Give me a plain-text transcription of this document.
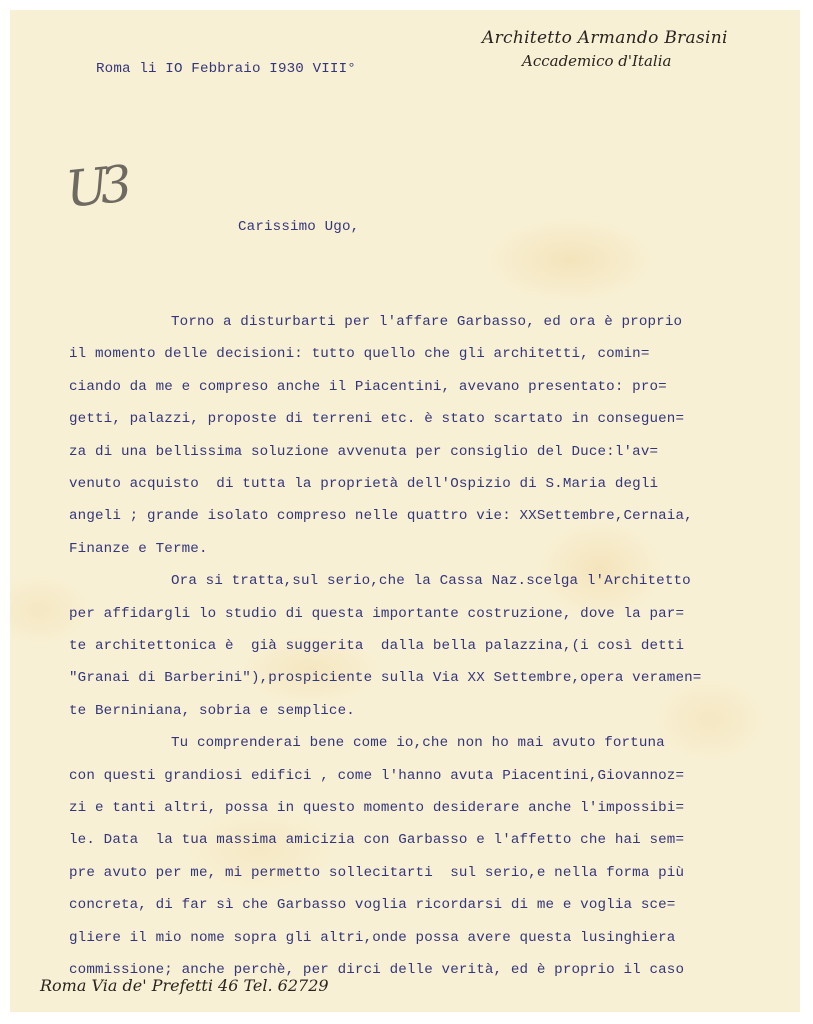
Architetto Armando Brasini
Accademico d'Italia
Roma li IO Febbraio I930 VIII°
U3
Carissimo Ugo,
Torno a disturbarti per l'affare Garbasso, ed ora è proprio
il momento delle decisioni: tutto quello che gli architetti, comin=
ciando da me e compreso anche il Piacentini, avevano presentato: pro=
getti, palazzi, proposte di terreni etc. è stato scartato in conseguen=
za di una bellissima soluzione avvenuta per consiglio del Duce:l'av=
venuto acquisto  di tutta la proprietà dell'Ospizio di S.Maria degli
angeli ; grande isolato compreso nelle quattro vie: XXSettembre,Cernaia,
Finanze e Terme.
Ora si tratta,sul serio,che la Cassa Naz.scelga l'Architetto
per affidargli lo studio di questa importante costruzione, dove la par=
te architettonica è  già suggerita  dalla bella palazzina,(i così detti
"Granai di Barberini"),prospiciente sulla Via XX Settembre,opera veramen=
te Berniniana, sobria e semplice.
Tu comprenderai bene come io,che non ho mai avuto fortuna
con questi grandiosi edifici , come l'hanno avuta Piacentini,Giovannoz=
zi e tanti altri, possa in questo momento desiderare anche l'impossibi=
le. Data  la tua massima amicizia con Garbasso e l'affetto che hai sem=
pre avuto per me, mi permetto sollecitarti  sul serio,e nella forma più
concreta, di far sì che Garbasso voglia ricordarsi di me e voglia sce=
gliere il mio nome sopra gli altri,onde possa avere questa lusinghiera
commissione; anche perchè, per dirci delle verità, ed è proprio il caso
Roma Via de' Prefetti 46 Tel. 62729
